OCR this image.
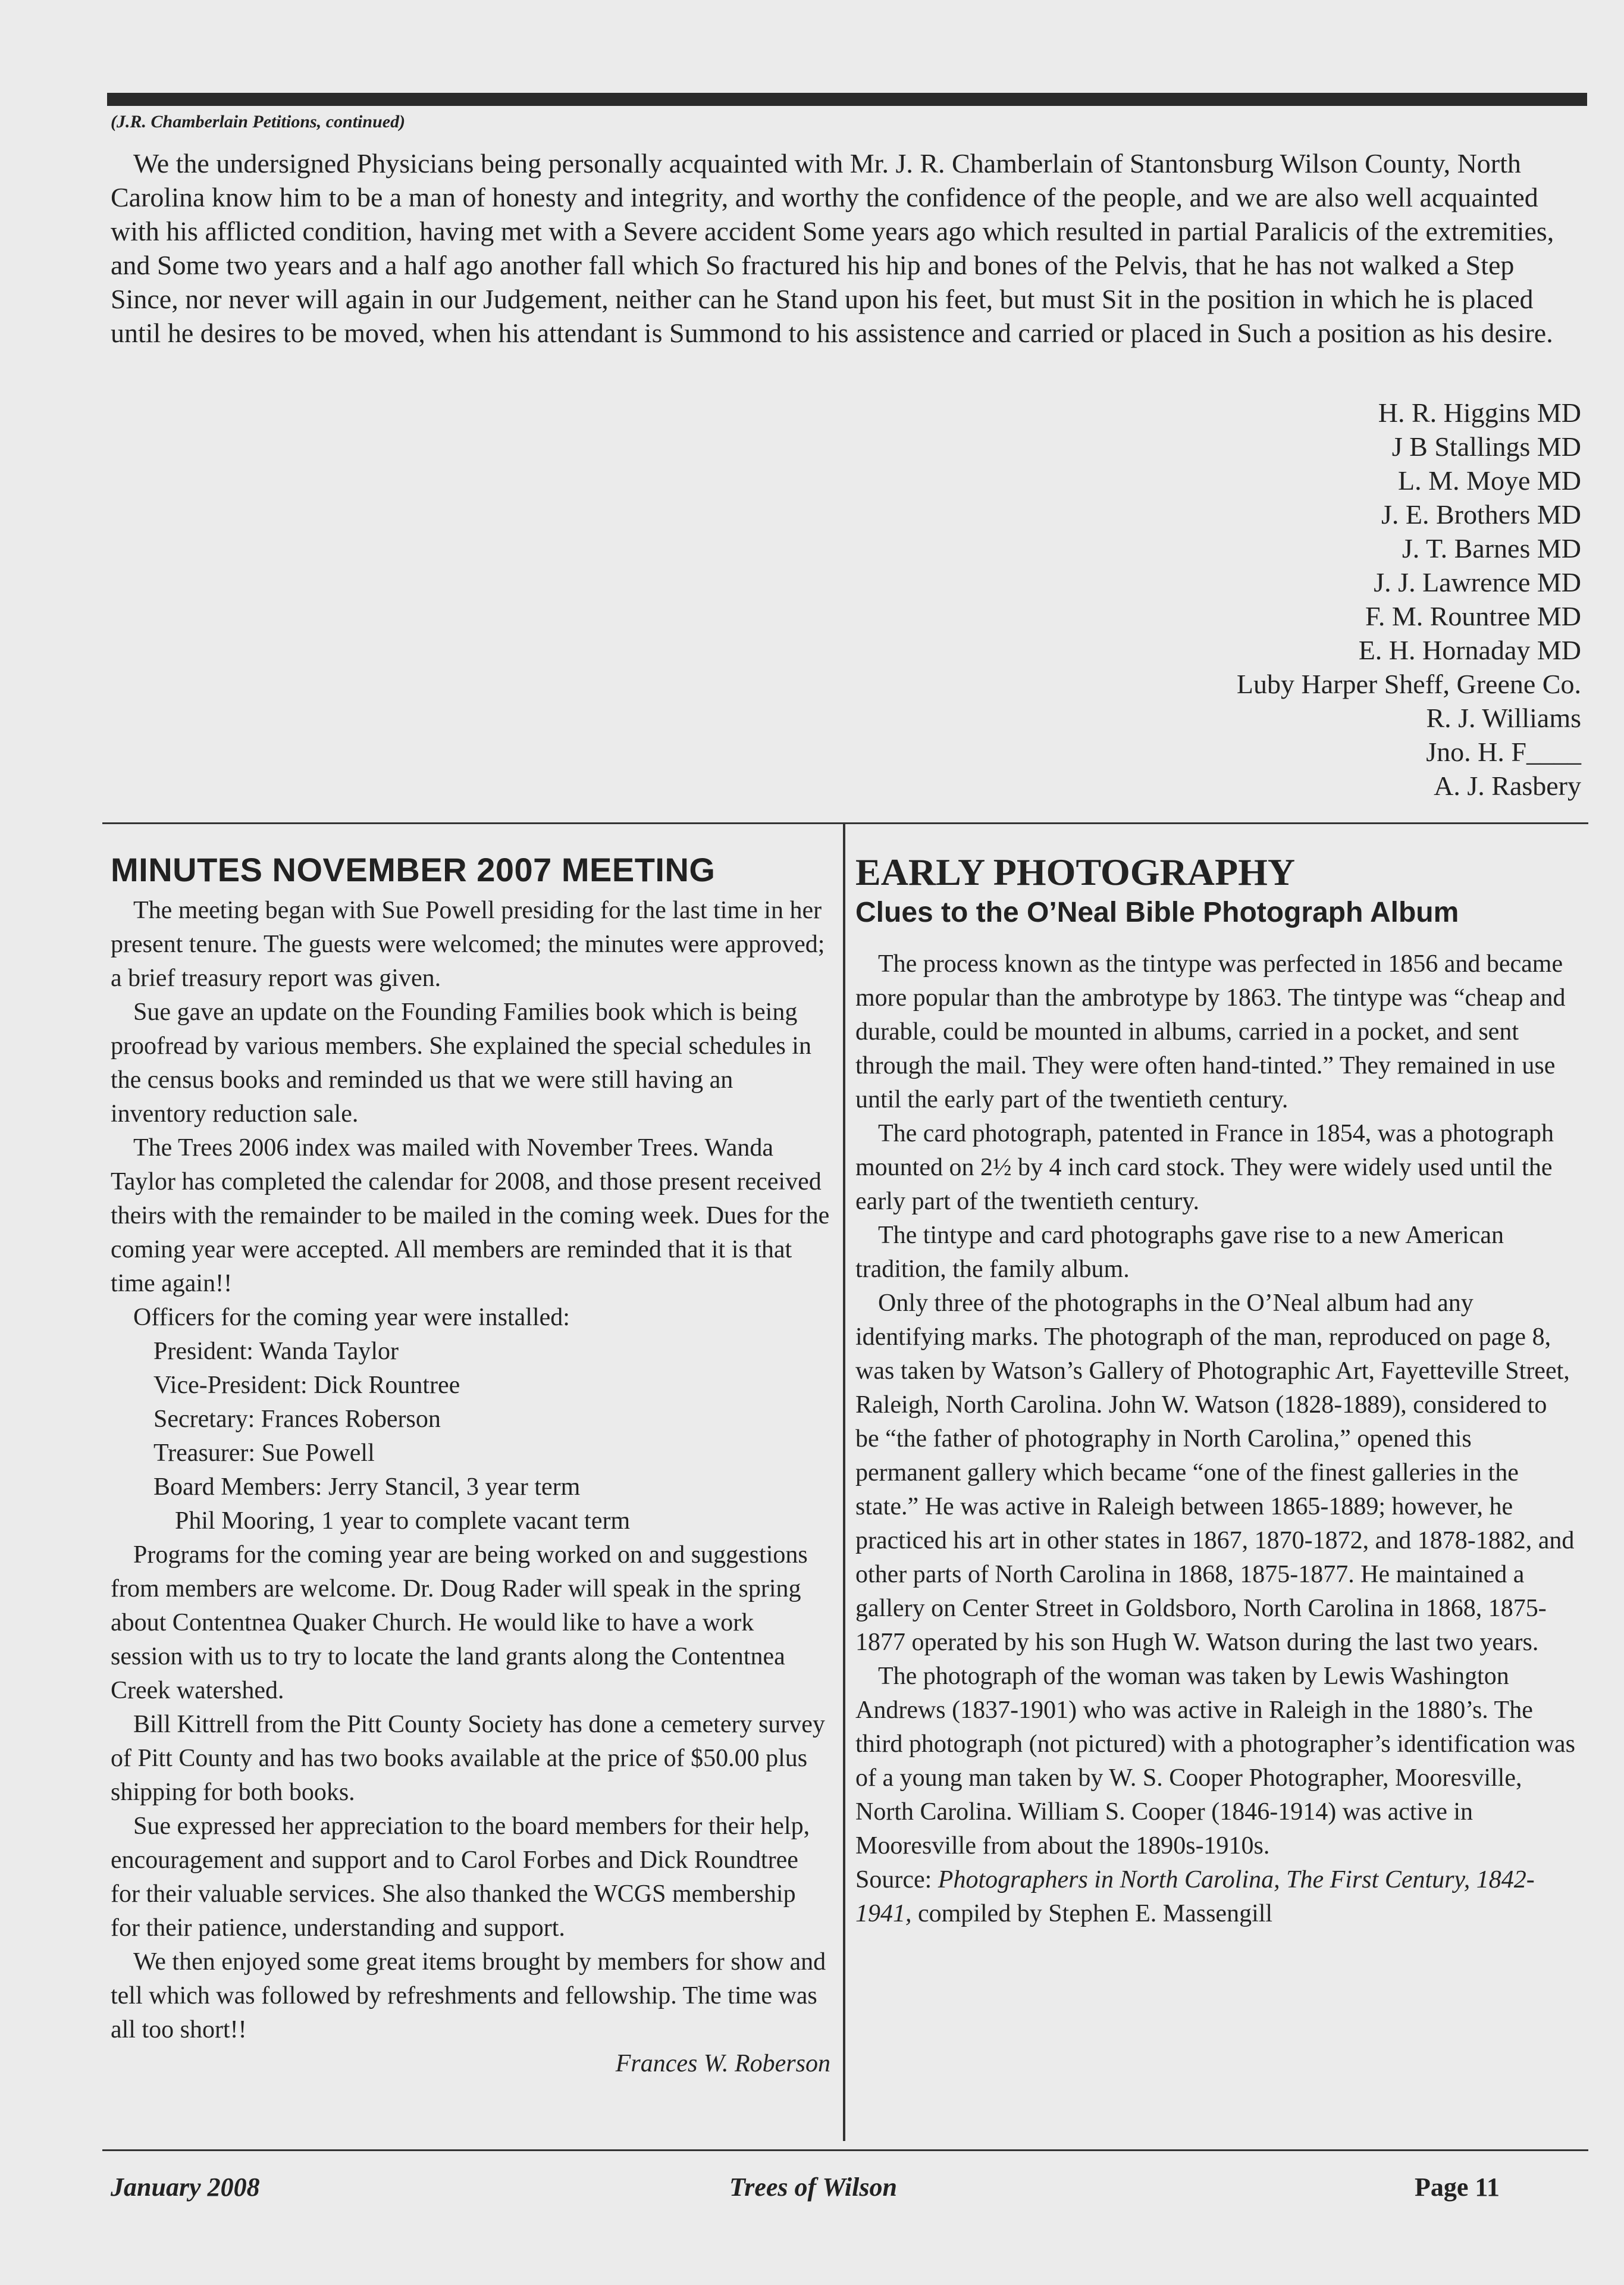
(J.R. Chamberlain Petitions, continued)

We the undersigned Physicians being personally acquainted with Mr. J. R. Chamberlain of Stantonsburg Wilson County, North Carolina know him to be a man of honesty and integrity, and worthy the confidence of the people, and we are also well acquainted with his afflicted condition, having met with a Severe accident Some years ago which resulted in partial Paralicis of the extremities, and Some two years and a half ago another fall which So fractured his hip and bones of the Pelvis, that he has not walked a Step Since, nor never will again in our Judgement, neither can he Stand upon his feet, but must Sit in the position in which he is placed until he desires to be moved, when his attendant is Summond to his assistence and carried or placed in Such a position as his desire.

H. R. Higgins MD
J B Stallings MD
L. M. Moye MD
J. E. Brothers MD
J. T. Barnes MD
J. J. Lawrence MD
F. M. Rountree MD
E. H. Hornaday MD
Luby Harper Sheff, Greene Co.
R. J. Williams
Jno. H. F____
A. J. Rasbery
MINUTES NOVEMBER 2007 MEETING

The meeting began with Sue Powell presiding for the last time in her present tenure. The guests were welcomed; the minutes were approved; a brief treasury report was given.

Sue gave an update on the Founding Families book which is being proofread by various members. She explained the special schedules in the census books and reminded us that we were still having an inventory reduction sale.

The Trees 2006 index was mailed with November Trees. Wanda Taylor has completed the calendar for 2008, and those present received theirs with the remainder to be mailed in the coming week. Dues for the coming year were accepted. All members are reminded that it is that time again!!

Officers for the coming year were installed:

President: Wanda Taylor

Vice-President: Dick Rountree

Secretary: Frances Roberson

Treasurer: Sue Powell

Board Members: Jerry Stancil, 3 year term

Phil Mooring, 1 year to complete vacant term

Programs for the coming year are being worked on and suggestions from members are welcome. Dr. Doug Rader will speak in the spring about Contentnea Quaker Church. He would like to have a work session with us to try to locate the land grants along the Contentnea Creek watershed.

Bill Kittrell from the Pitt County Society has done a cemetery survey of Pitt County and has two books available at the price of $50.00 plus shipping for both books.

Sue expressed her appreciation to the board members for their help, encouragement and support and to Carol Forbes and Dick Roundtree for their valuable services. She also thanked the WCGS membership for their patience, understanding and support.

We then enjoyed some great items brought by members for show and tell which was followed by refreshments and fellowship. The time was all too short!!

Frances W. Roberson

EARLY PHOTOGRAPHY
Clues to the O’Neal Bible Photograph Album

The process known as the tintype was perfected in 1856 and became more popular than the ambrotype by 1863. The tintype was “cheap and durable, could be mounted in albums, carried in a pocket, and sent through the mail. They were often hand-tinted.” They remained in use until the early part of the twentieth century.

The card photograph, patented in France in 1854, was a photograph mounted on 2½ by 4 inch card stock. They were widely used until the early part of the twentieth century.

The tintype and card photographs gave rise to a new American tradition, the family album.

Only three of the photographs in the O’Neal album had any identifying marks. The photograph of the man, reproduced on page 8, was taken by Watson’s Gallery of Photographic Art, Fayetteville Street, Raleigh, North Carolina. John W. Watson (1828-1889), considered to be “the father of photography in North Carolina,” opened this permanent gallery which became “one of the finest galleries in the state.” He was active in Raleigh between 1865-1889; however, he practiced his art in other states in 1867, 1870-1872, and 1878-1882, and other parts of North Carolina in 1868, 1875-1877. He maintained a gallery on Center Street in Goldsboro, North Carolina in 1868, 1875-1877 operated by his son Hugh W. Watson during the last two years.

The photograph of the woman was taken by Lewis Washington Andrews (1837-1901) who was active in Raleigh in the 1880’s. The third photograph (not pictured) with a photographer’s identification was of a young man taken by W. S. Cooper Photographer, Mooresville, North Carolina. William S. Cooper (1846-1914) was active in Mooresville from about the 1890s-1910s.

Source: Photographers in North Carolina, The First Century, 1842-1941, compiled by Stephen E. Massengill

January 2008	Trees of Wilson	Page 11
